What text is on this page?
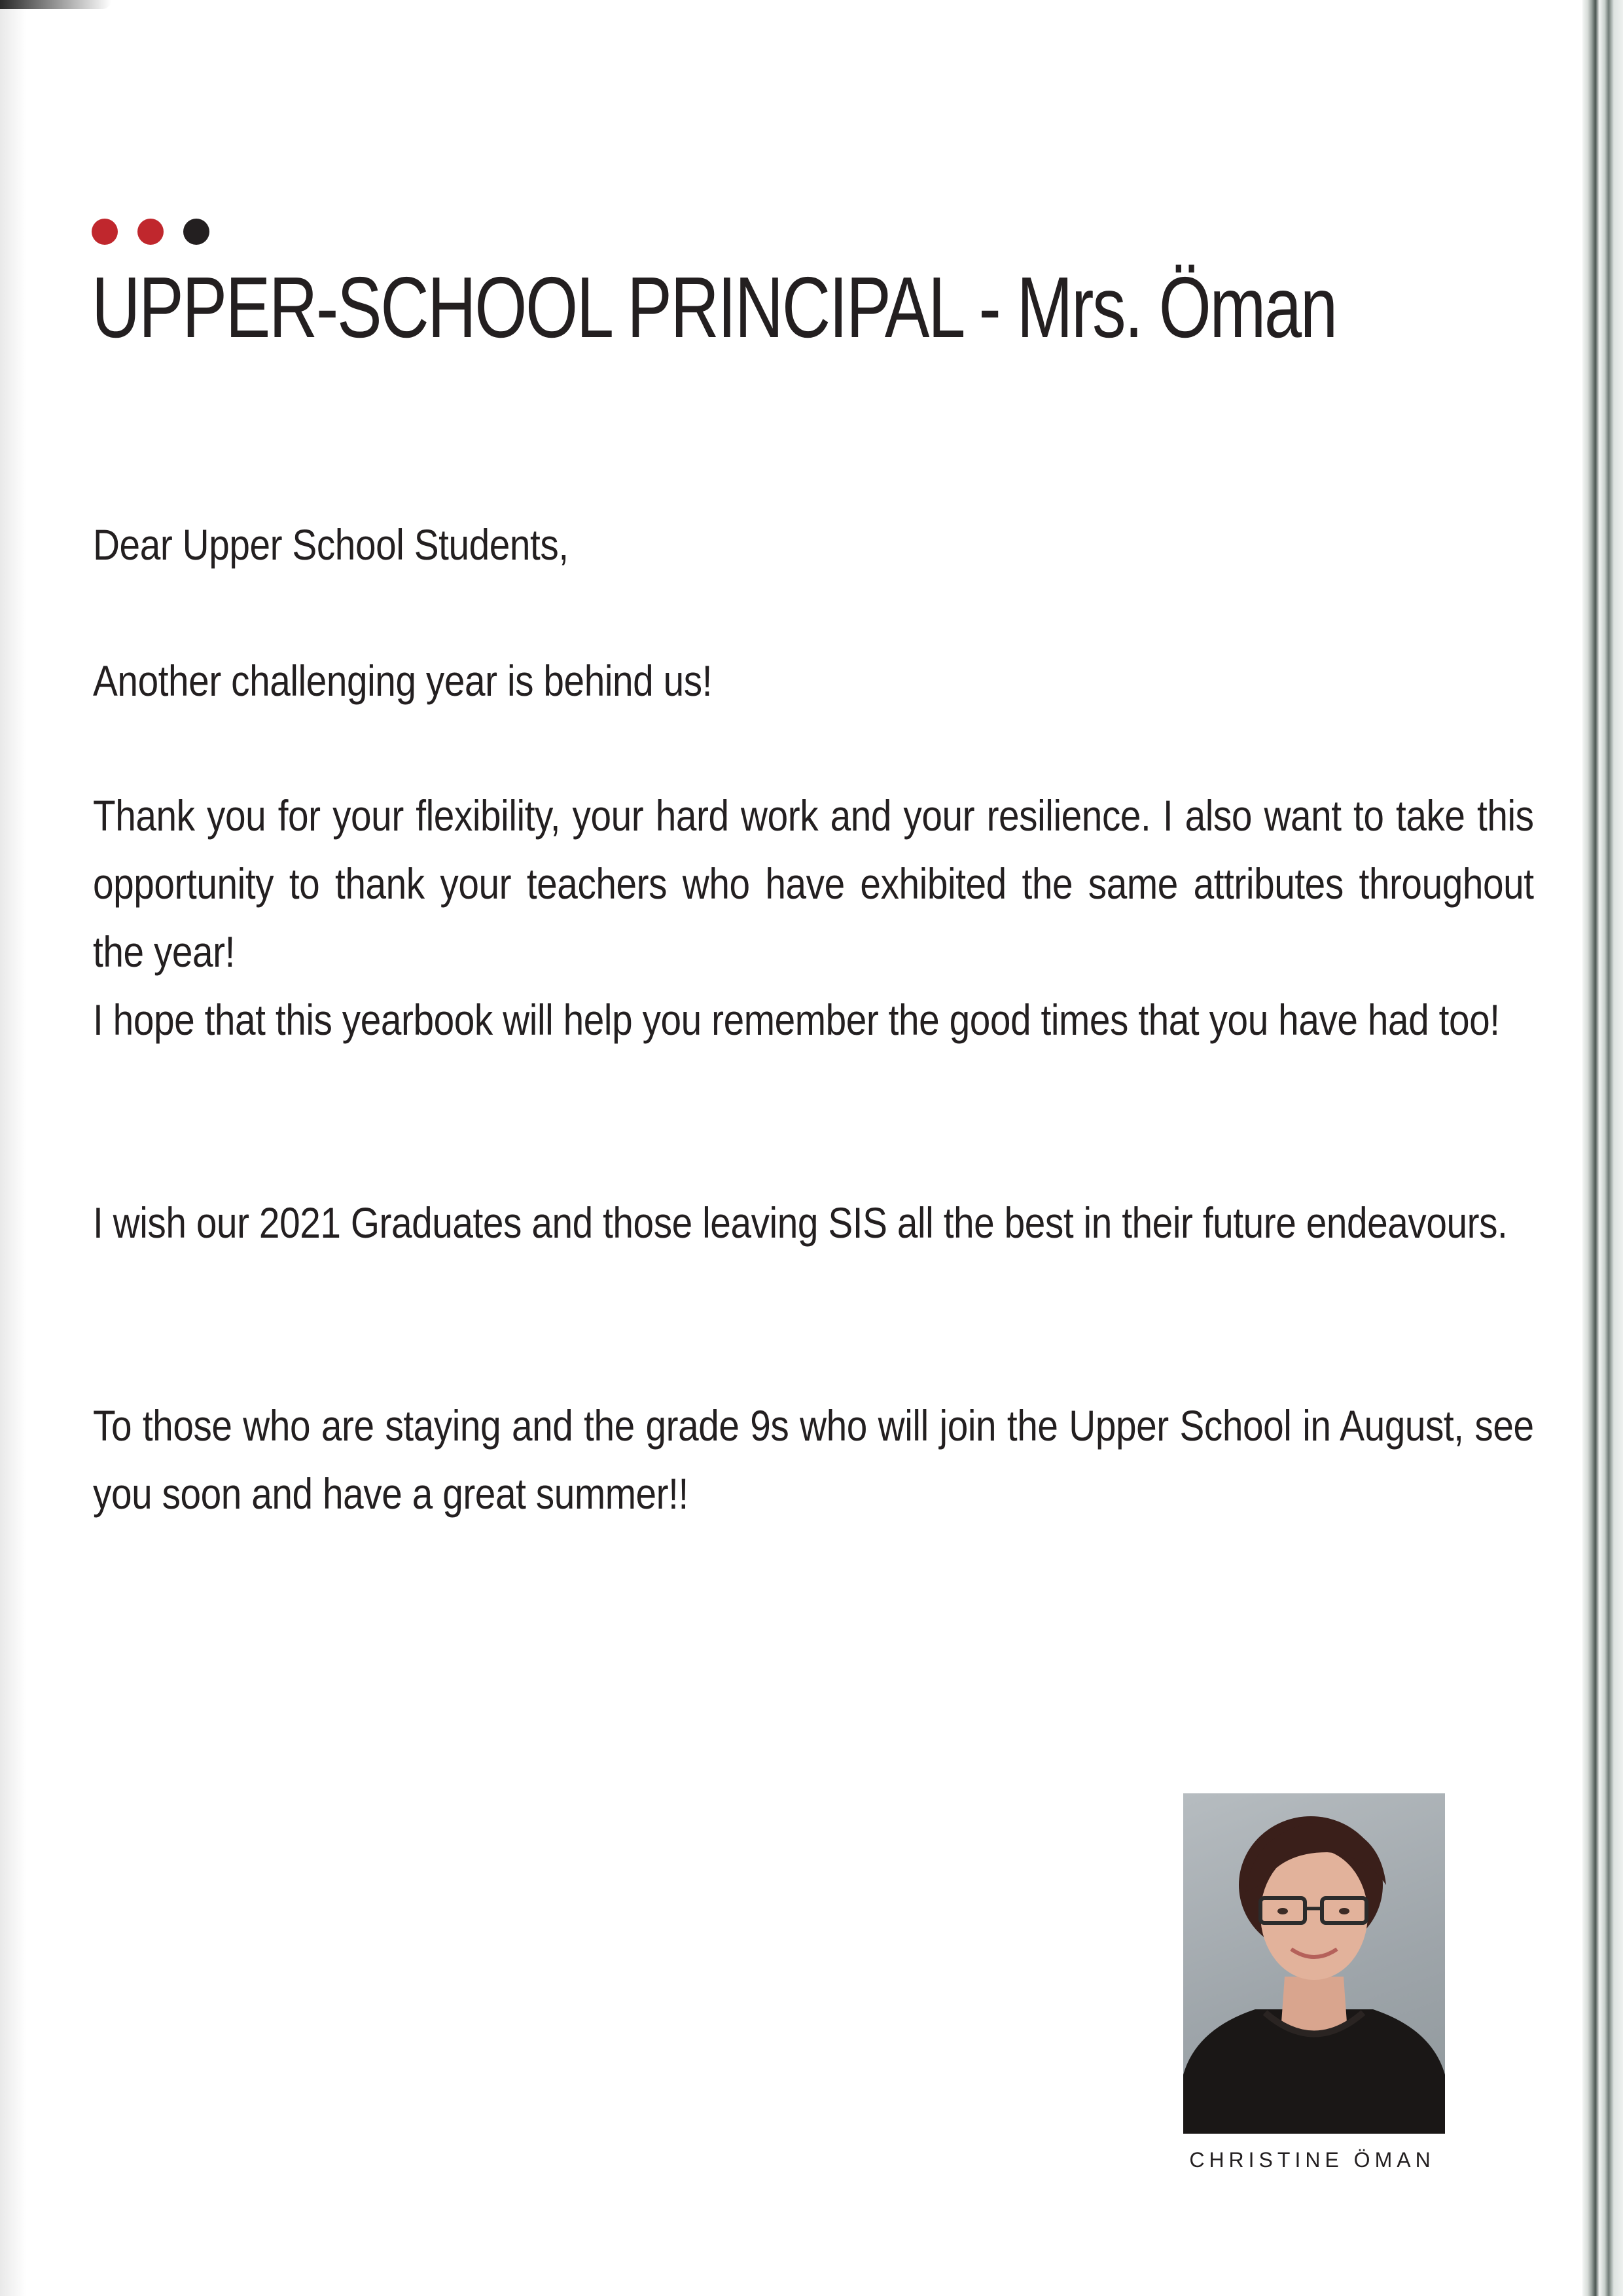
UPPER-SCHOOL PRINCIPAL - Mrs. Öman

Dear Upper School Students,

Another challenging year is behind us!

Thank you for your flexibility, your hard work and your resilience. I also want to take this opportunity to thank your teachers who have exhibited the same attributes throughout the year!

I hope that this yearbook will help you remember the good times that you have had too!

I wish our 2021 Graduates and those leaving SIS all the best in their future endeavours.

To those who are staying and the grade 9s who will join the Upper School in August, see you soon and have a great summer!!

CHRISTINE ÖMAN
